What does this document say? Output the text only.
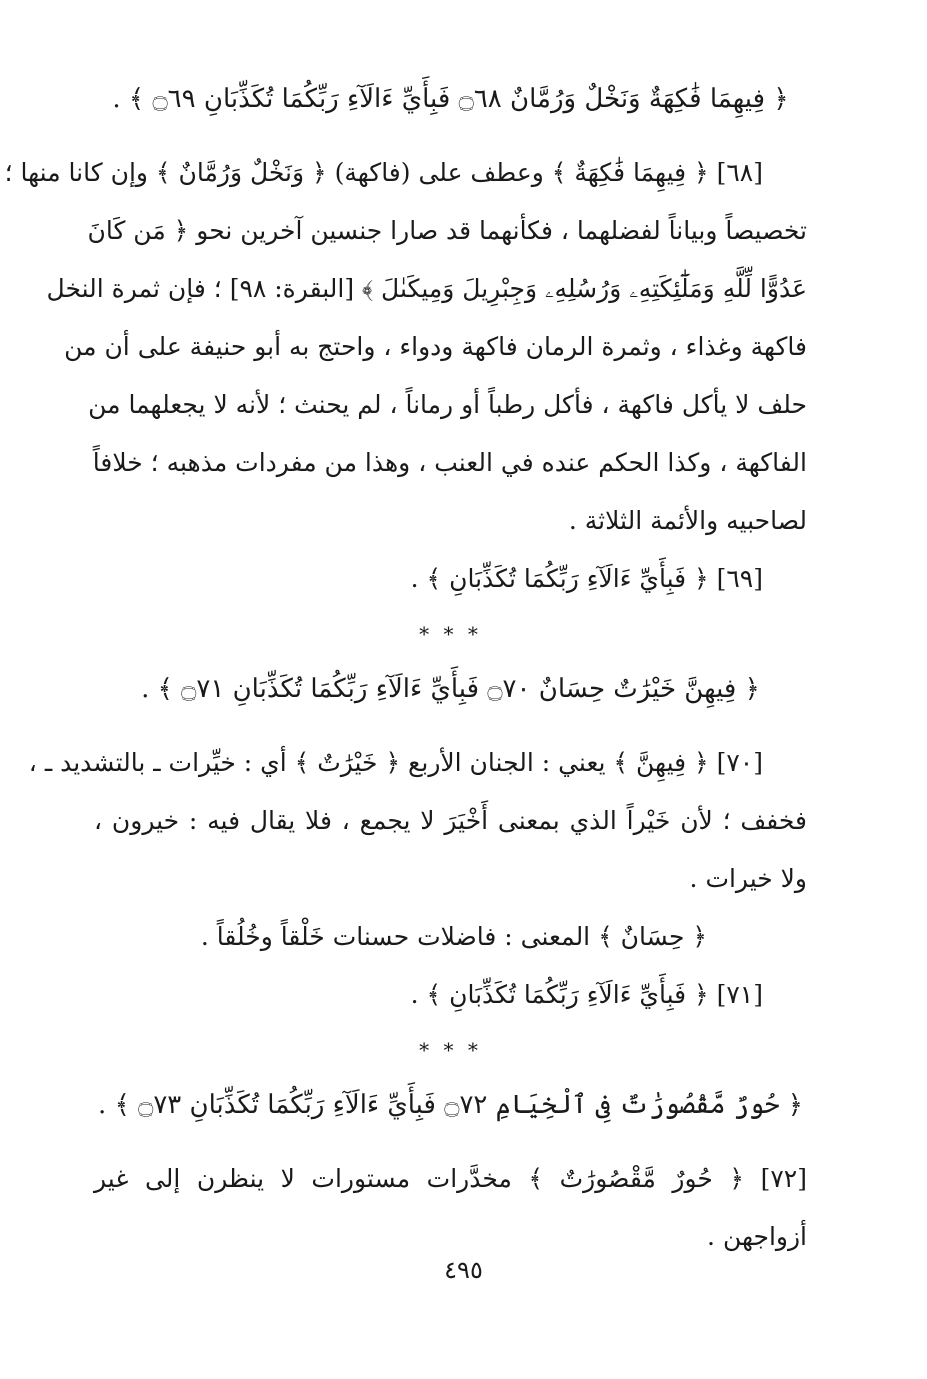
﴿ فِيهِمَا فَٰكِهَةٌ وَنَخْلٌ وَرُمَّانٌ ۝٦٨ فَبِأَيِّ ءَالَآءِ رَبِّكُمَا تُكَذِّبَانِ ۝٦٩ ﴾ .
[٦٨] ﴿ فِيهِمَا فَٰكِهَةٌ ﴾ وعطف على (فاكهة) ﴿ وَنَخْلٌ وَرُمَّانٌ ﴾ وإن كانا منها ؛
تخصيصاً وبياناً لفضلهما ، فكأنهما قد صارا جنسين آخرين نحو ﴿ مَن كَانَ
عَدُوًّا لِّلَّهِ وَمَلَٰٓئِكَتِهِۦ وَرُسُلِهِۦ وَجِبْرِيلَ وَمِيكَىٰلَ ﴾ [البقرة: ٩٨] ؛ فإن ثمرة النخل
فاكهة وغذاء ، وثمرة الرمان فاكهة ودواء ، واحتج به أبو حنيفة على أن من
حلف لا يأكل فاكهة ، فأكل رطباً أو رماناً ، لم يحنث ؛ لأنه لا يجعلهما من
الفاكهة ، وكذا الحكم عنده في العنب ، وهذا من مفردات مذهبه ؛ خلافاً
لصاحبيه والأئمة الثلاثة .
[٦٩] ﴿ فَبِأَيِّ ءَالَآءِ رَبِّكُمَا تُكَذِّبَانِ ﴾ .
* * *
﴿ فِيهِنَّ خَيْرَٰتٌ حِسَانٌ ۝٧٠ فَبِأَيِّ ءَالَآءِ رَبِّكُمَا تُكَذِّبَانِ ۝٧١ ﴾ .
[٧٠] ﴿ فِيهِنَّ ﴾ يعني : الجنان الأربع ﴿ خَيْرَٰتٌ ﴾ أي : خيِّرات ـ بالتشديد ـ ،
فخفف ؛ لأن خَيْراً الذي بمعنى أَخْيَرَ لا يجمع ، فلا يقال فيه : خيرون ،
ولا خيرات .
﴿ حِسَانٌ ﴾ المعنى : فاضلات حسنات خَلْقاً وخُلُقاً .
[٧١] ﴿ فَبِأَيِّ ءَالَآءِ رَبِّكُمَا تُكَذِّبَانِ ﴾ .
* * *
﴿ حُورٌ مَّقْصُورَٰتٌ فِى ٱلْخِيَامِ ۝٧٢ فَبِأَيِّ ءَالَآءِ رَبِّكُمَا تُكَذِّبَانِ ۝٧٣ ﴾ .
[٧٢] ﴿ حُورٌ مَّقْصُورَٰتٌ ﴾ مخدَّرات مستورات لا ينظرن إلى غير
أزواجهن .
٤٩٥
